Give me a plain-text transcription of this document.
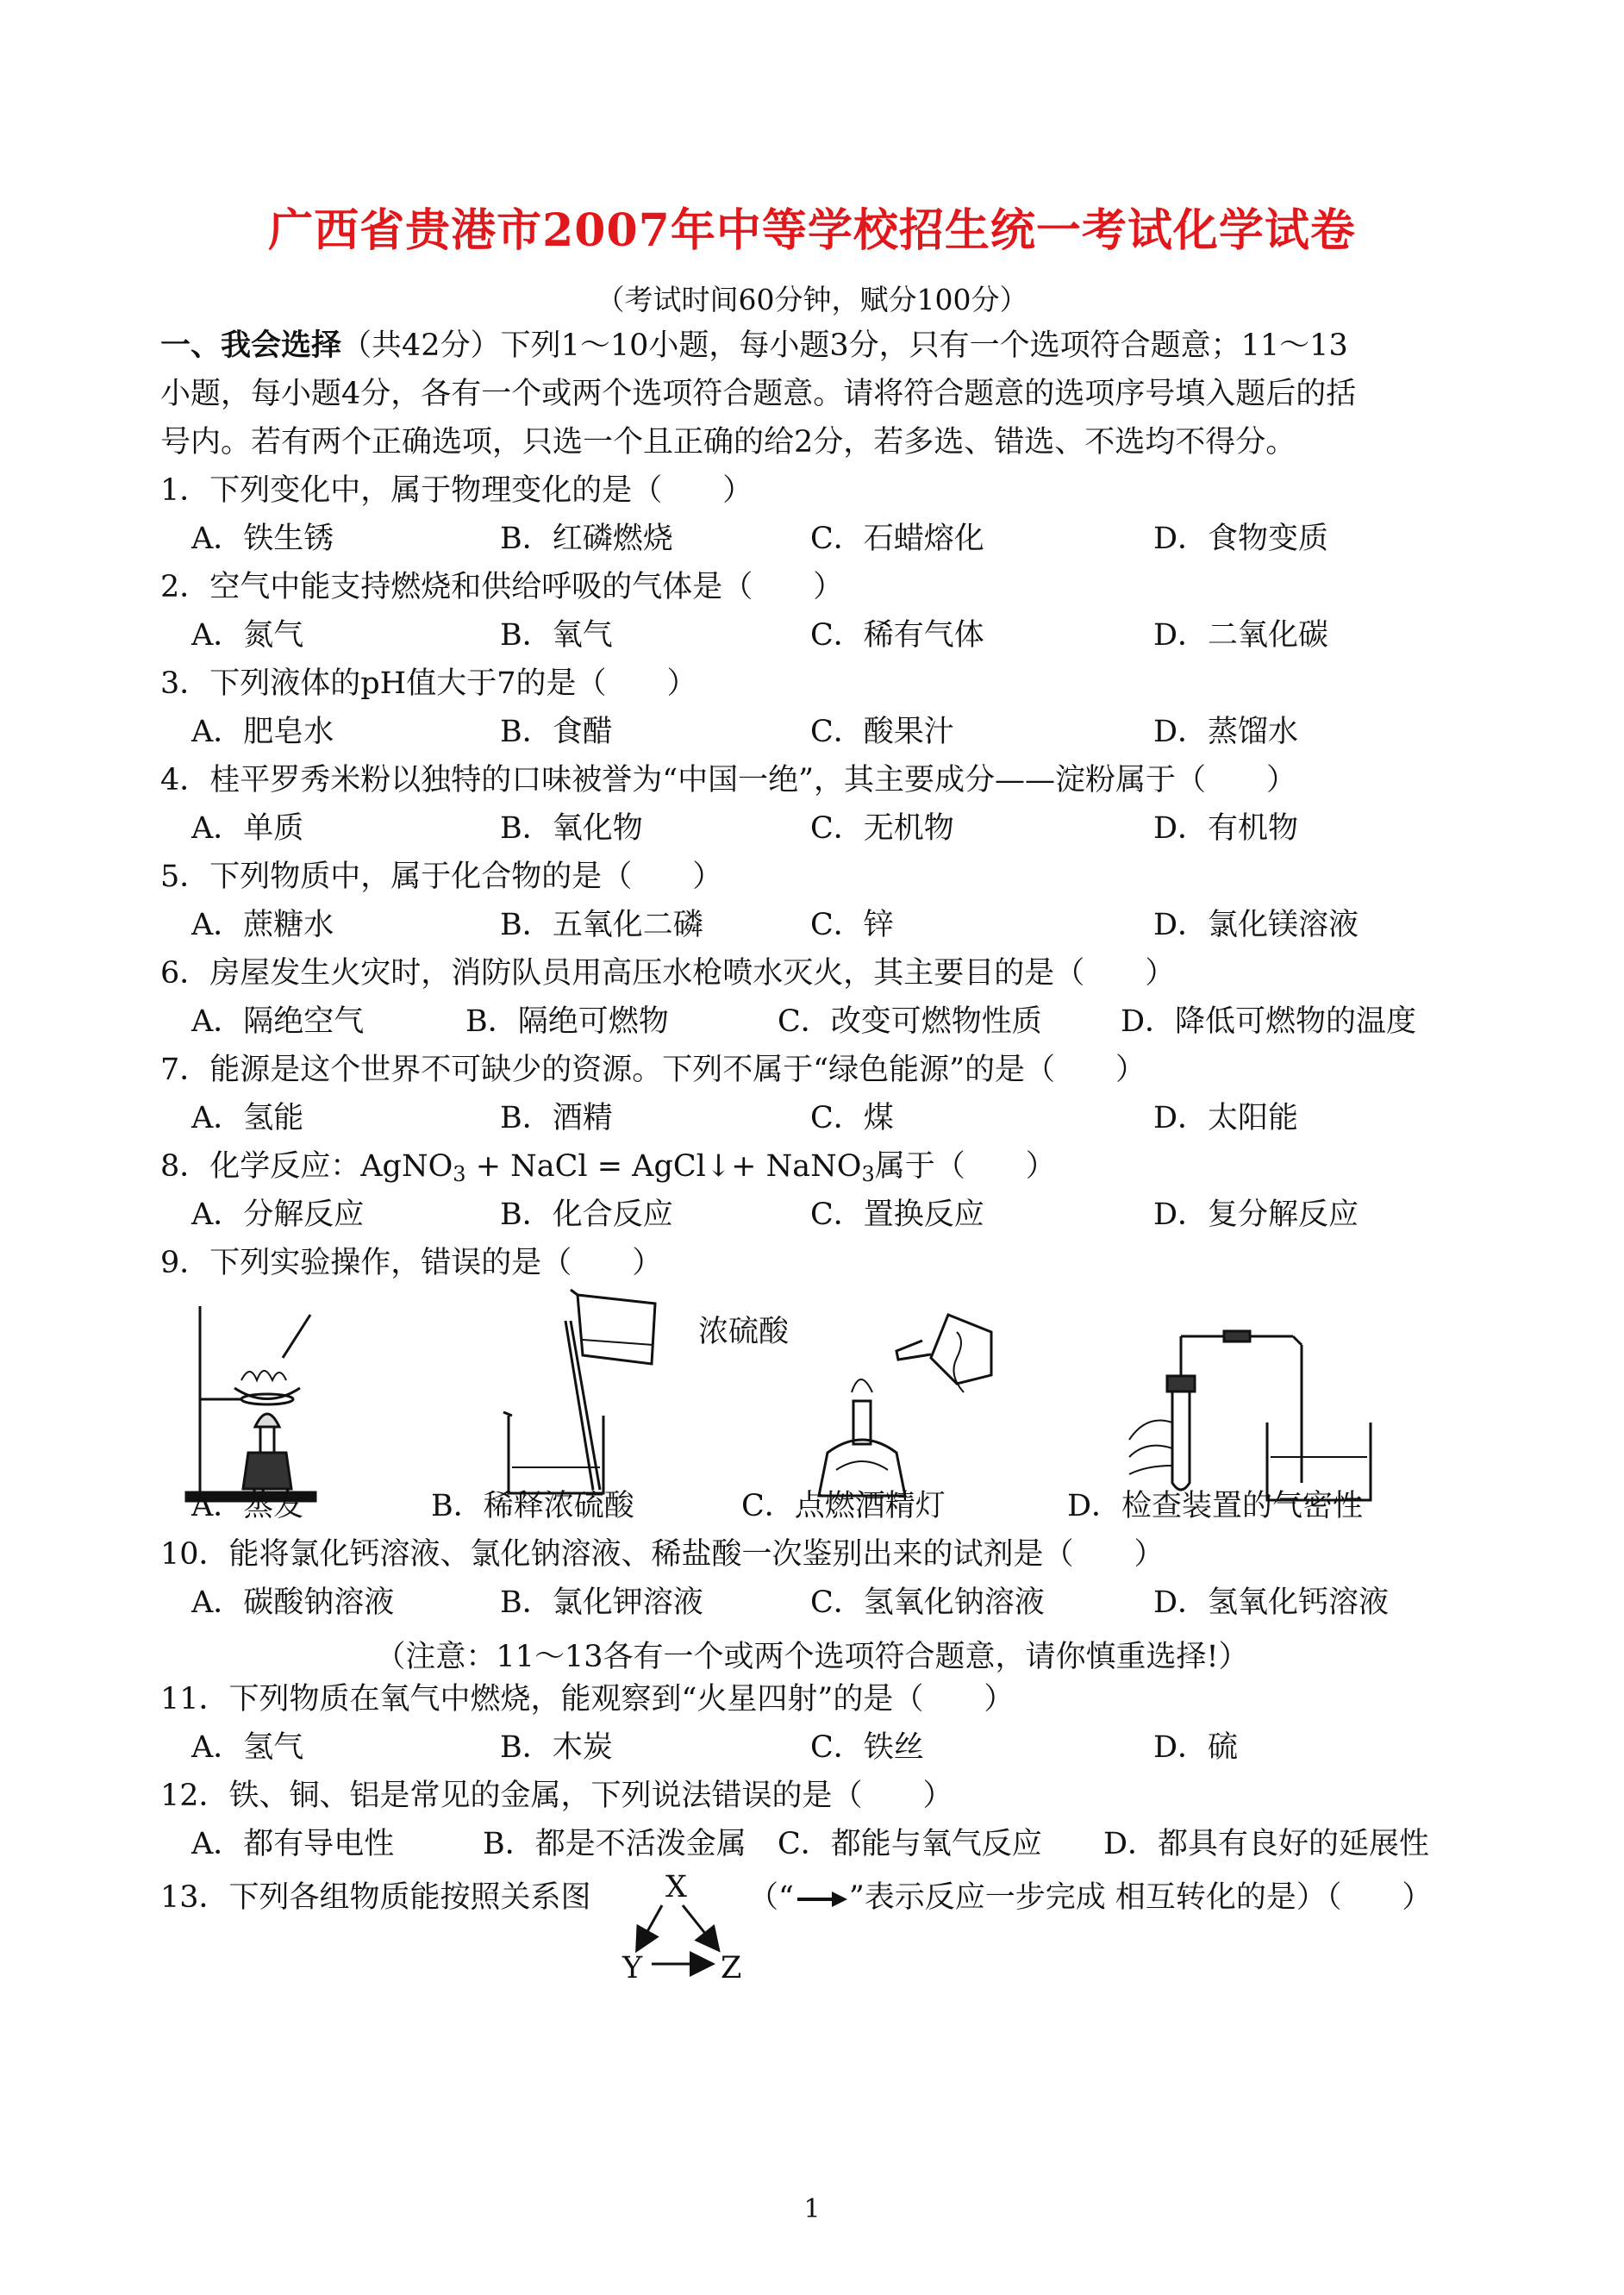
广西省贵港市2007年中等学校招生统一考试化学试卷
（考试时间60分钟，赋分100分）
一、我会选择（共42分）下列1～10小题，每小题3分，只有一个选项符合题意；11～13
小题，每小题4分，各有一个或两个选项符合题意。请将符合题意的选项序号填入题后的括
号内。若有两个正确选项，只选一个且正确的给2分，若多选、错选、不选均不得分。
1．下列变化中，属于物理变化的是（　　）
A．铁生锈	B．红磷燃烧	C．石蜡熔化	D．食物变质
2．空气中能支持燃烧和供给呼吸的气体是（　　）
A．氮气	B．氧气	C．稀有气体	D．二氧化碳
3．下列液体的pH值大于7的是（　　）
A．肥皂水	B．食醋	C．酸果汁	D．蒸馏水
4．桂平罗秀米粉以独特的口味被誉为“中国一绝”，其主要成分——淀粉属于（　　）
A．单质	B．氧化物	C．无机物	D．有机物
5．下列物质中，属于化合物的是（　　）
A．蔗糖水	B．五氧化二磷	C．锌	D．氯化镁溶液
6．房屋发生火灾时，消防队员用高压水枪喷水灭火，其主要目的是（　　）
A．隔绝空气	B．隔绝可燃物	C．改变可燃物性质	D．降低可燃物的温度
7．能源是这个世界不可缺少的资源。下列不属于“绿色能源”的是（　　）
A．氢能	B．酒精	C．煤	D．太阳能
8．化学反应：AgNO$_3$ + NaCl = AgCl↓+ NaNO$_3$属于（　　）
A．分解反应	B．化合反应	C．置换反应	D．复分解反应
9．下列实验操作，错误的是（　　）
A．蒸发
浓硫酸
B．稀释浓硫酸	C．点燃酒精灯	D．检查装置的气密性
10．能将氯化钙溶液、氯化钠溶液、稀盐酸一次鉴别出来的试剂是（　　）
A．碳酸钠溶液	B．氯化钾溶液	C．氢氧化钠溶液	D．氢氧化钙溶液
（注意：11～13各有一个或两个选项符合题意，请你慎重选择!）
11．下列物质在氧气中燃烧，能观察到“火星四射”的是（　　）
A．氢气	B．木炭	C．铁丝	D．硫
12．铁、铜、铝是常见的金属，下列说法错误的是（　　）
A．都有导电性	B．都是不活泼金属 C．都能与氧气反应 D．都具有良好的延展性
13．下列各组物质能按照关系图	（“ ”表示反应一步完成 相互转化的是）（　　）
X
Y	Z
1
